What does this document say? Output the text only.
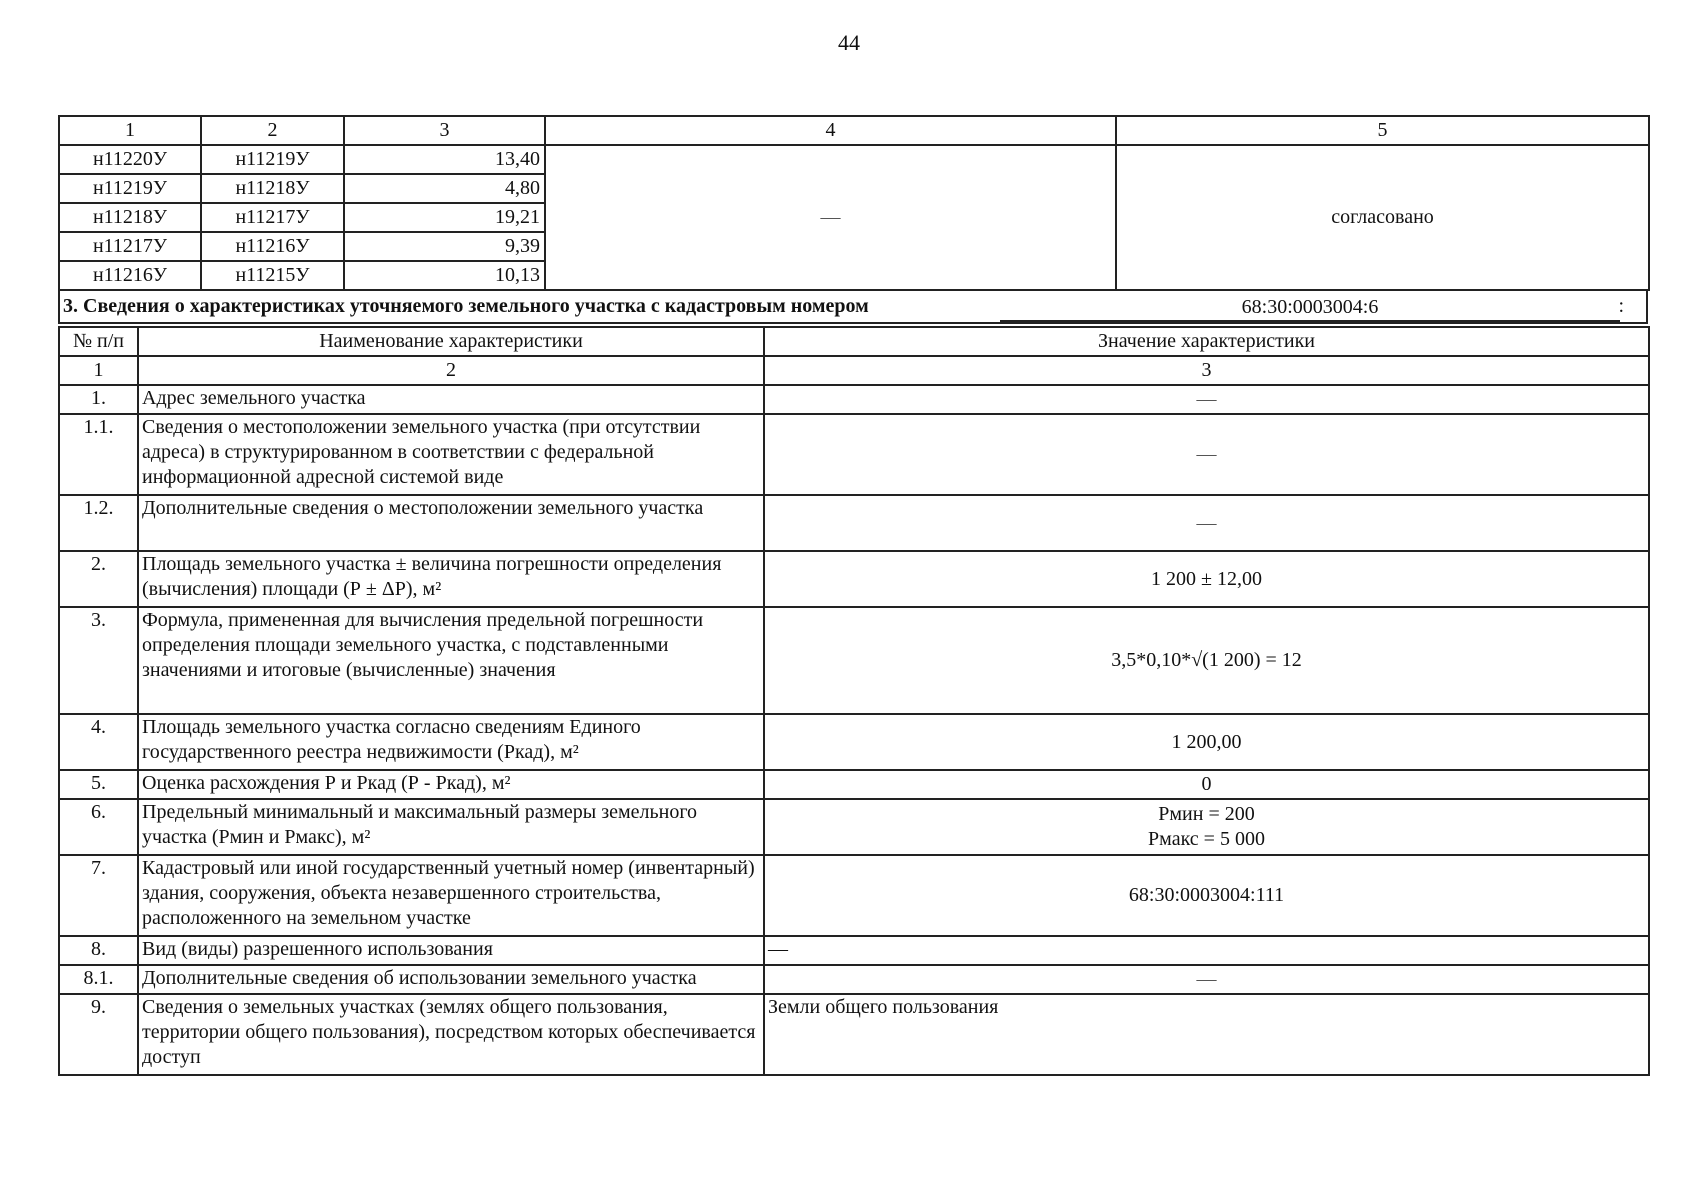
44
1	2	3	4	5
н11220У	н11219У	13,40	—	согласовано
н11219У	н11218У	4,80		
н11218У	н11217У	19,21		
н11217У	н11216У	9,39		
н11216У	н11215У	10,13		
3. Сведения о характеристиках уточняемого земельного участка с кадастровым номером	68:30:0003004:6	:
№ п/п	Наименование характеристики	Значение характеристики
1	2	3
1.	Адрес земельного участка	—
1.1.	Сведения о местоположении земельного участка (при отсутствии адреса) в структурированном в соответствии с федеральной информационной адресной системой виде	—
1.2.	Дополнительные сведения о местоположении земельного участка	—
2.	Площадь земельного участка ± величина погрешности определения (вычисления) площади (Р ± ΔР), м²	1 200 ± 12,00
3.	Формула, примененная для вычисления предельной погрешности определения площади земельного участка, с подставленными значениями и итоговые (вычисленные) значения	3,5*0,10*√(1 200) = 12
4.	Площадь земельного участка согласно сведениям Единого государственного реестра недвижимости (Ркад), м²	1 200,00
5.	Оценка расхождения Р и Ркад (Р - Ркад), м²	0
6.	Предельный минимальный и максимальный размеры земельного участка (Рмин и Рмакс), м²	Рмин = 200
Рмакс = 5 000

7.	Кадастровый или иной государственный учетный номер (инвентарный) здания, сооружения, объекта незавершенного строительства, расположенного на земельном участке	68:30:0003004:111
8.	Вид (виды) разрешенного использования	—
8.1.	Дополнительные сведения об использовании земельного участка	—
9.	Сведения о земельных участках (землях общего пользования, территории общего пользования), посредством которых обеспечивается доступ	Земли общего пользования
